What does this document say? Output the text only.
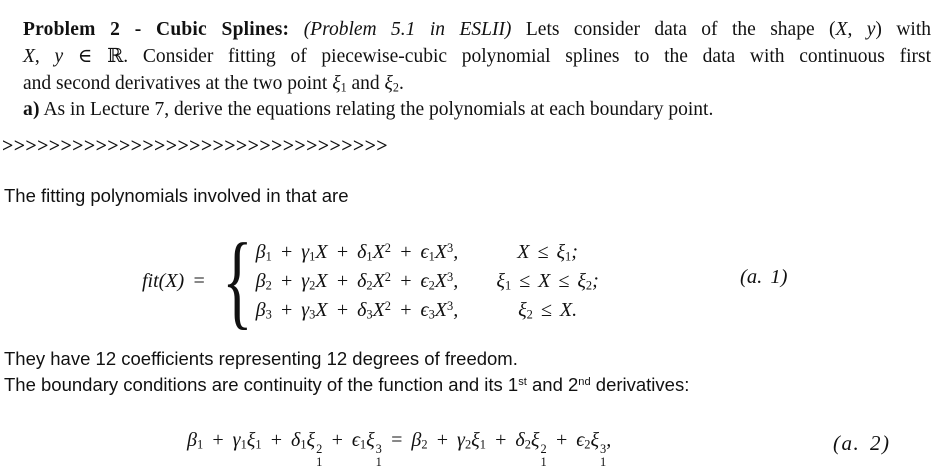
Problem 2 - Cubic Splines: (Problem 5.1 in ESLII) Lets consider data of the shape (X, y) with
X, y ∈ ℝ. Consider fitting of piecewise-cubic polynomial splines to the data with continuous first
and second derivatives at the two point $\xi_1$ and $\xi_2$.
a) As in Lecture 7, derive the equations relating the polynomials at each boundary point.
>>>>>>>>>>>>>>>>>>>>>>>>>>>>>>>>>
The fitting polynomials involved in that are
fit(X) = { $\beta_1 + \gamma_1X + \delta_1X^2 + \epsilon_1X^3$,	$X \le \xi_1$;
$\beta_2 + \gamma_2X + \delta_2X^2 + \epsilon_2X^3$,	$\xi_1 \le X \le \xi_2$;
$\beta_3 + \gamma_3X + \delta_3X^2 + \epsilon_3X^3$,	$\xi_2 \le X$.
(a. 1)
They have 12 coefficients representing 12 degrees of freedom.
The boundary conditions are continuity of the function and its 1st and 2nd derivatives:
$\beta_1 + \gamma_1\xi_1 + \delta_1\xi$ 2
1
+ $\epsilon_1\xi$ 3
1
= $\beta_2 + \gamma_2\xi_1 + \delta_2\xi$ 2
1
+ $\epsilon_2\xi$ 3
1
,	(a. 2)
